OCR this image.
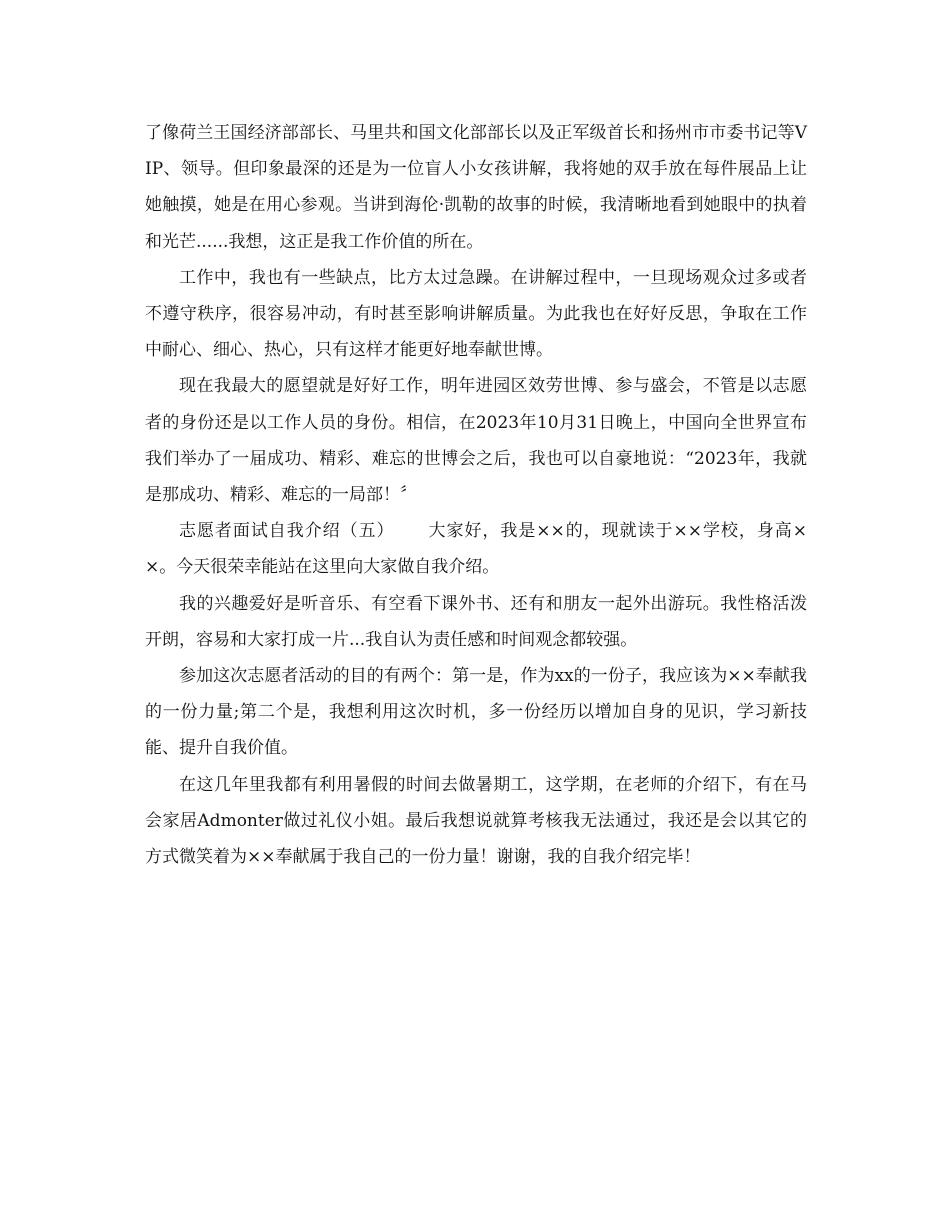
了像荷兰王国经济部部长、马里共和国文化部部长以及正军级首长和扬州市市委书记等VIP、领导。但印象最深的还是为一位盲人小女孩讲解，我将她的双手放在每件展品上让她触摸，她是在用心参观。当讲到海伦·凯勒的故事的时候，我清晰地看到她眼中的执着和光芒......我想，这正是我工作价值的所在。

工作中，我也有一些缺点，比方太过急躁。在讲解过程中，一旦现场观众过多或者不遵守秩序，很容易冲动，有时甚至影响讲解质量。为此我也在好好反思，争取在工作中耐心、细心、热心，只有这样才能更好地奉献世博。

现在我最大的愿望就是好好工作，明年进园区效劳世博、参与盛会，不管是以志愿者的身份还是以工作人员的身份。相信，在2023年10月31日晚上，中国向全世界宣布我们举办了一届成功、精彩、难忘的世博会之后，我也可以自豪地说：“2023年，我就是那成功、精彩、难忘的一局部！〞

志愿者面试自我介绍（五） 大家好，我是××的，现就读于××学校，身高××。今天很荣幸能站在这里向大家做自我介绍。

我的兴趣爱好是听音乐、有空看下课外书、还有和朋友一起外出游玩。我性格活泼开朗，容易和大家打成一片...我自认为责任感和时间观念都较强。

参加这次志愿者活动的目的有两个：第一是，作为xx的一份子，我应该为××奉献我的一份力量;第二个是，我想利用这次时机，多一份经历以增加自身的见识，学习新技能、提升自我价值。

在这几年里我都有利用暑假的时间去做暑期工，这学期，在老师的介绍下，有在马会家居Admonter做过礼仪小姐。最后我想说就算考核我无法通过，我还是会以其它的方式微笑着为××奉献属于我自己的一份力量！谢谢，我的自我介绍完毕！
